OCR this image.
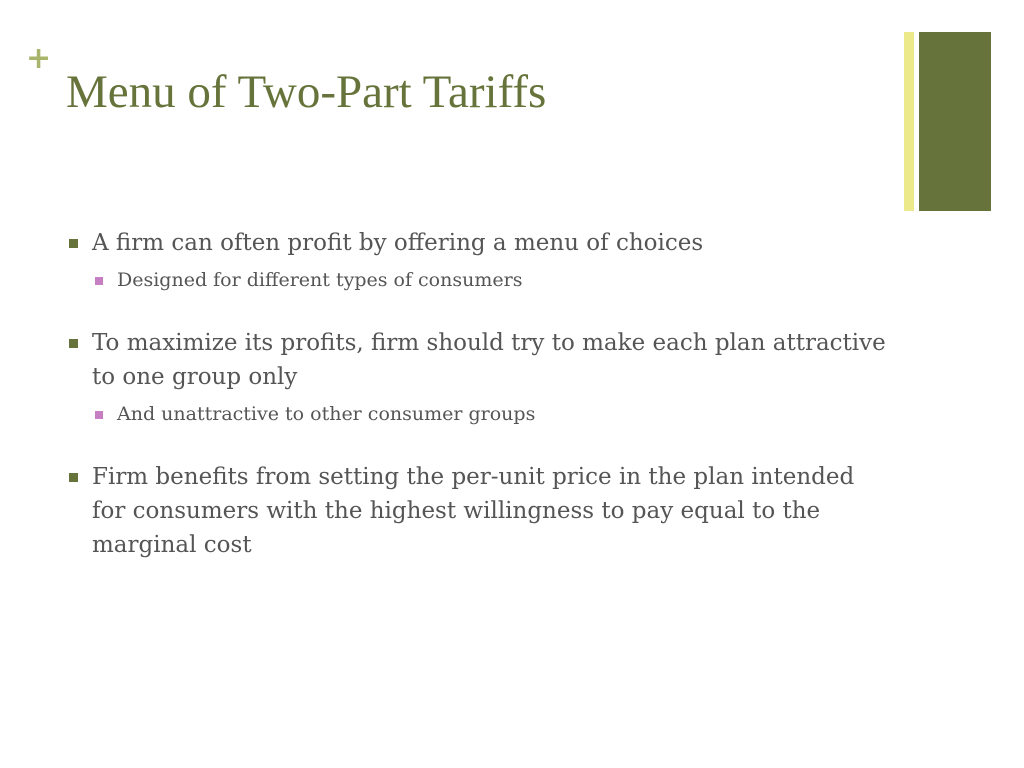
+
Menu of Two-Part Tariffs
A firm can often profit by offering a menu of choices
Designed for different types of consumers
To maximize its profits, firm should try to make each plan attractive to one group only
And unattractive to other consumer groups
Firm benefits from setting the per-unit price in the plan intended for consumers with the highest willingness to pay equal to the marginal cost
